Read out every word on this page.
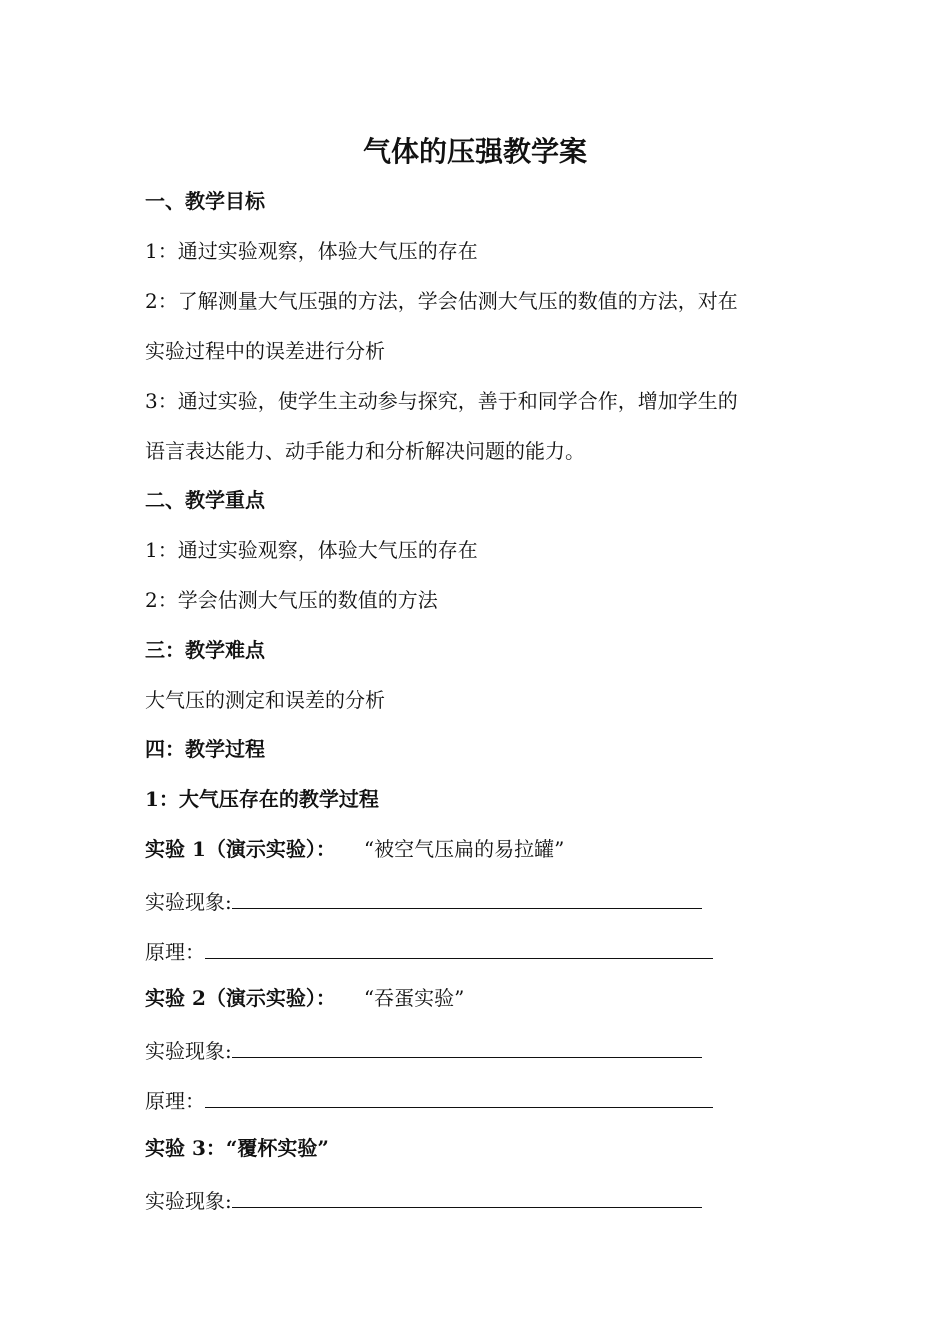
气体的压强教学案
一、教学目标
1：通过实验观察，体验大气压的存在
2：了解测量大气压强的方法，学会估测大气压的数值的方法，对在
实验过程中的误差进行分析
3：通过实验，使学生主动参与探究，善于和同学合作，增加学生的
语言表达能力、动手能力和分析解决问题的能力。
二、教学重点
1：通过实验观察，体验大气压的存在
2：学会估测大气压的数值的方法
三：教学难点
大气压的测定和误差的分析
四：教学过程
1：大气压存在的教学过程
实验 1（演示实验）： “被空气压扁的易拉罐”
实验现象:
原理：
实验 2（演示实验）： “吞蛋实验”
实验现象:
原理：
实验 3：“覆杯实验”
实验现象:
